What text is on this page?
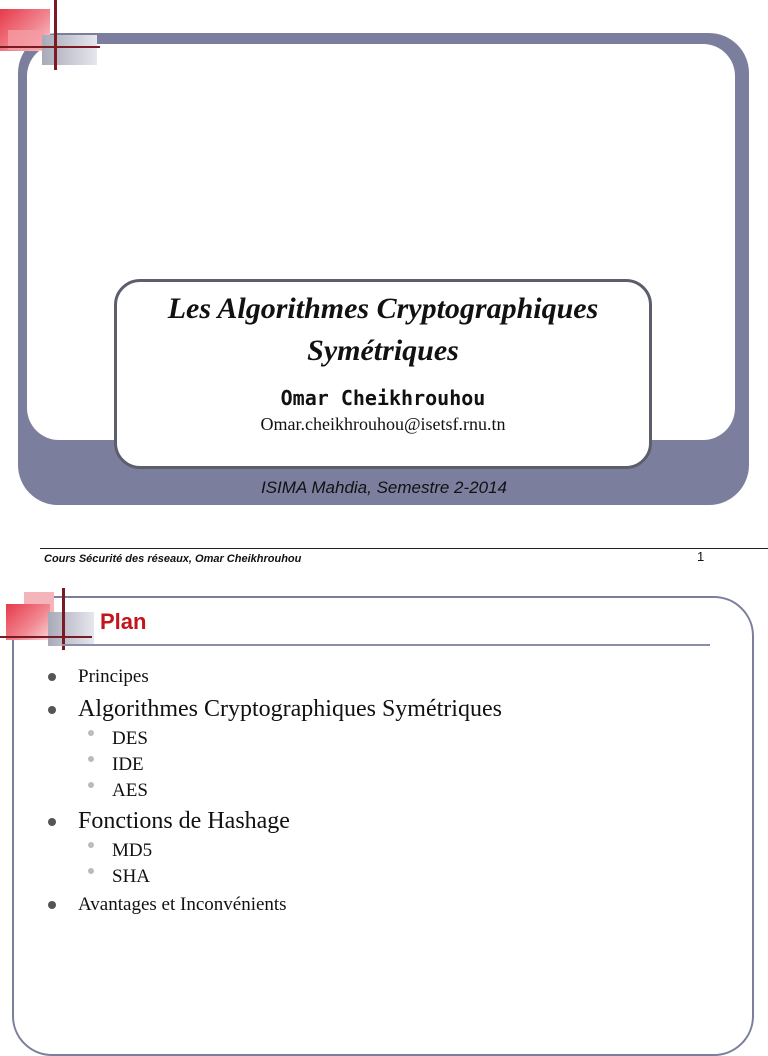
Les Algorithmes Cryptographiques
Symétriques
Omar Cheikhrouhou
Omar.cheikhrouhou@isetsf.rnu.tn
ISIMA Mahdia, Semestre 2-2014
Cours Sécurité des réseaux, Omar Cheikhrouhou	1
Plan
Principes
Algorithmes Cryptographiques Symétriques
DES
IDE
AES
Fonctions de Hashage
MD5
SHA
Avantages et Inconvénients
